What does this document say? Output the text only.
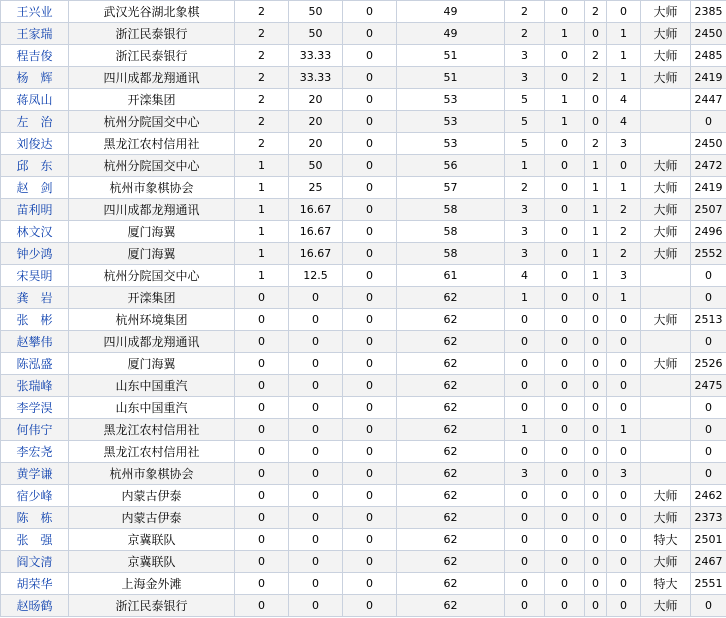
王兴业	武汉光谷湖北象棋	2	50	0	49	2	0	2	0	大师	2385
王家瑞	浙江民泰银行	2	50	0	49	2	1	0	1	大师	2450
程吉俊	浙江民泰银行	2	33.33	0	51	3	0	2	1	大师	2485
杨　辉	四川成都龙翔通讯	2	33.33	0	51	3	0	2	1	大师	2419
蒋凤山	开滦集团	2	20	0	53	5	1	0	4		2447
左　治	杭州分院国交中心	2	20	0	53	5	1	0	4		0
刘俊达	黑龙江农村信用社	2	20	0	53	5	0	2	3		2450
邱　东	杭州分院国交中心	1	50	0	56	1	0	1	0	大师	2472
赵　剑	杭州市象棋协会	1	25	0	57	2	0	1	1	大师	2419
苗利明	四川成都龙翔通讯	1	16.67	0	58	3	0	1	2	大师	2507
林文汉	厦门海翼	1	16.67	0	58	3	0	1	2	大师	2496
钟少鸿	厦门海翼	1	16.67	0	58	3	0	1	2	大师	2552
宋昊明	杭州分院国交中心	1	12.5	0	61	4	0	1	3		0
龚　岩	开滦集团	0	0	0	62	1	0	0	1		0
张　彬	杭州环境集团	0	0	0	62	0	0	0	0	大师	2513
赵攀伟	四川成都龙翔通讯	0	0	0	62	0	0	0	0		0
陈泓盛	厦门海翼	0	0	0	62	0	0	0	0	大师	2526
张瑞峰	山东中国重汽	0	0	0	62	0	0	0	0		2475
李学淏	山东中国重汽	0	0	0	62	0	0	0	0		0
何伟宁	黑龙江农村信用社	0	0	0	62	1	0	0	1		0
李宏尧	黑龙江农村信用社	0	0	0	62	0	0	0	0		0
黄学谦	杭州市象棋协会	0	0	0	62	3	0	0	3		0
宿少峰	内蒙古伊泰	0	0	0	62	0	0	0	0	大师	2462
陈　栋	内蒙古伊泰	0	0	0	62	0	0	0	0	大师	2373
张　强	京冀联队	0	0	0	62	0	0	0	0	特大	2501
阎文清	京冀联队	0	0	0	62	0	0	0	0	大师	2467
胡荣华	上海金外滩	0	0	0	62	0	0	0	0	特大	2551
赵旸鹤	浙江民泰银行	0	0	0	62	0	0	0	0	大师	0
